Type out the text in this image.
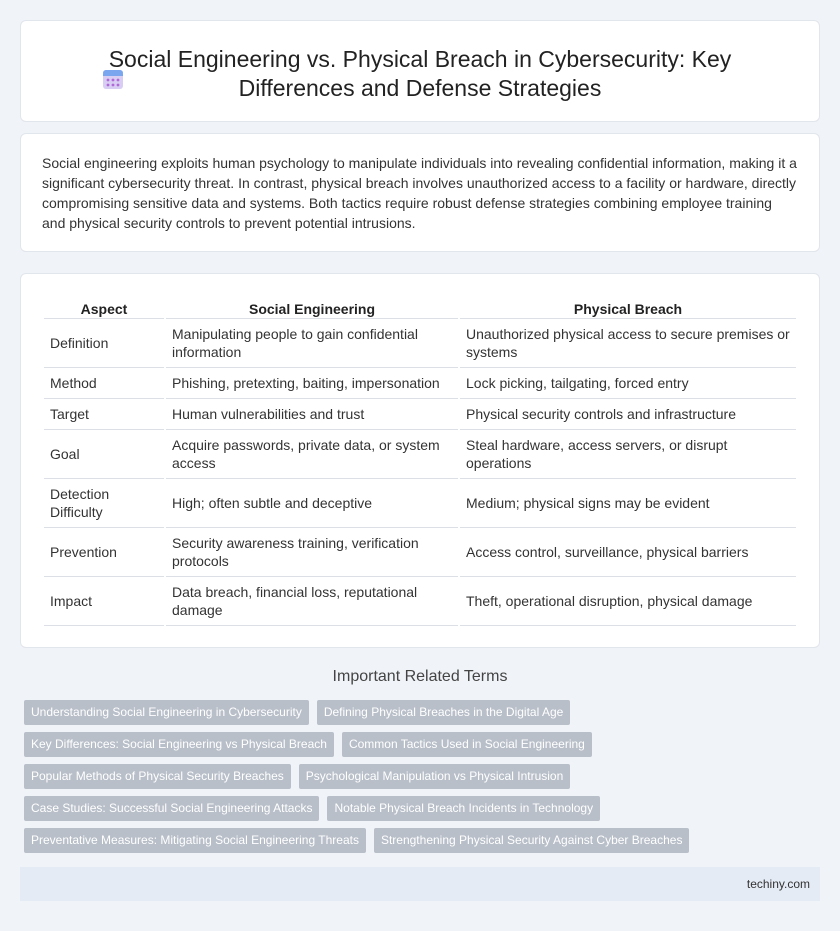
Social Engineering vs. Physical Breach in Cybersecurity: Key Differences and Defense Strategies

Social engineering exploits human psychology to manipulate individuals into revealing confidential information, making it a significant cybersecurity threat. In contrast, physical breach involves unauthorized access to a facility or hardware, directly compromising sensitive data and systems. Both tactics require robust defense strategies combining employee training and physical security controls to prevent potential intrusions.

Aspect	Social Engineering	Physical Breach
Definition	Manipulating people to gain confidential information	Unauthorized physical access to secure premises or systems
Method	Phishing, pretexting, baiting, impersonation	Lock picking, tailgating, forced entry
Target	Human vulnerabilities and trust	Physical security controls and infrastructure
Goal	Acquire passwords, private data, or system access	Steal hardware, access servers, or disrupt operations
Detection Difficulty	High; often subtle and deceptive	Medium; physical signs may be evident
Prevention	Security awareness training, verification protocols	Access control, surveillance, physical barriers
Impact	Data breach, financial loss, reputational damage	Theft, operational disruption, physical damage
Important Related Terms
Understanding Social Engineering in Cybersecurity	Defining Physical Breaches in the Digital Age
Key Differences: Social Engineering vs Physical Breach	Common Tactics Used in Social Engineering
Popular Methods of Physical Security Breaches	Psychological Manipulation vs Physical Intrusion
Case Studies: Successful Social Engineering Attacks	Notable Physical Breach Incidents in Technology
Preventative Measures: Mitigating Social Engineering Threats	Strengthening Physical Security Against Cyber Breaches
techiny.com
